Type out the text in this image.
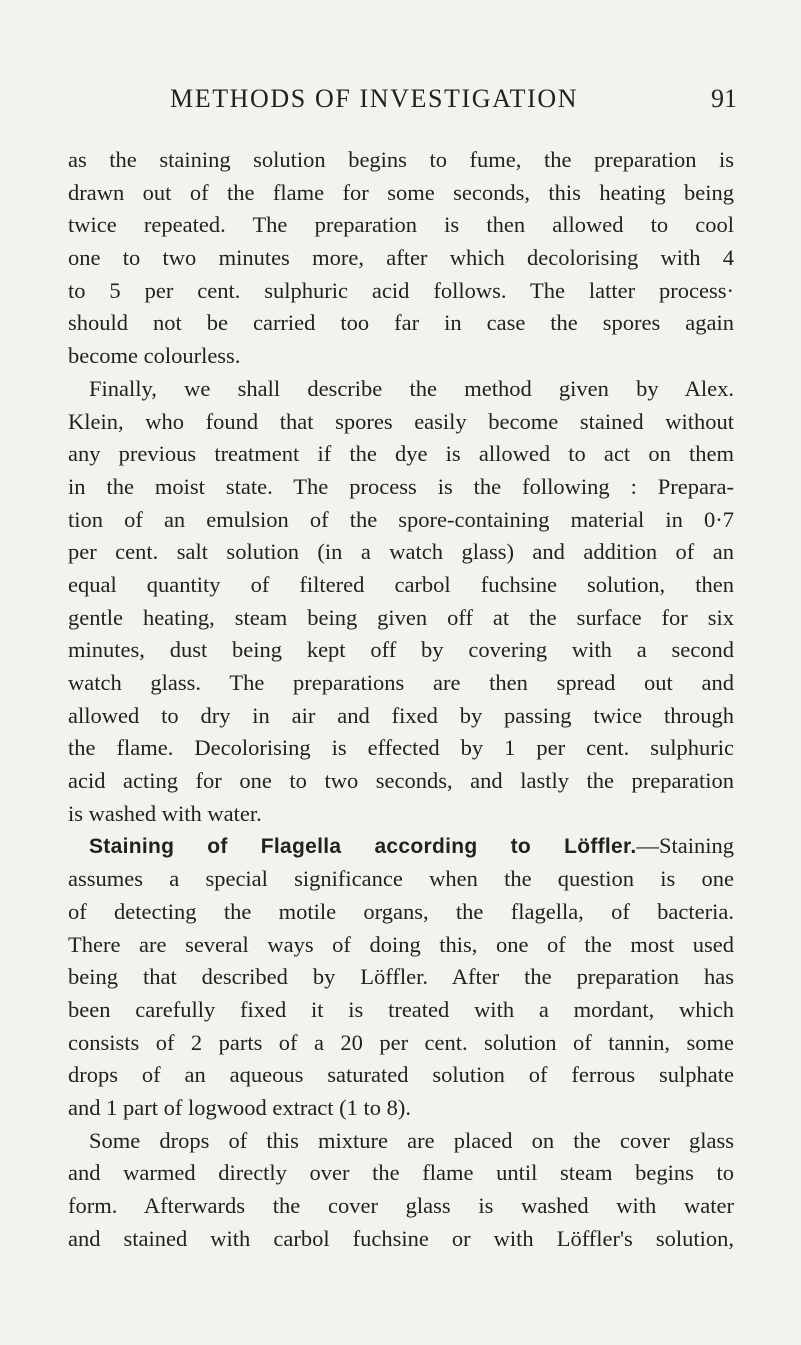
METHODS OF INVESTIGATION	91
as the staining solution begins to fume, the preparation is
drawn out of the flame for some seconds, this heating being
twice repeated. The preparation is then allowed to cool
one to two minutes more, after which decolorising with 4
to 5 per cent. sulphuric acid follows. The latter process·
should not be carried too far in case the spores again
become colourless.
Finally, we shall describe the method given by Alex.
Klein, who found that spores easily become stained without
any previous treatment if the dye is allowed to act on them
in the moist state. The process is the following : Prepara-
tion of an emulsion of the spore-containing material in 0·7
per cent. salt solution (in a watch glass) and addition of an
equal quantity of filtered carbol fuchsine solution, then
gentle heating, steam being given off at the surface for six
minutes, dust being kept off by covering with a second
watch glass. The preparations are then spread out and
allowed to dry in air and fixed by passing twice through
the flame. Decolorising is effected by 1 per cent. sulphuric
acid acting for one to two seconds, and lastly the preparation
is washed with water.
Staining of Flagella according to Löffler.—Staining
assumes a special significance when the question is one
of detecting the motile organs, the flagella, of bacteria.
There are several ways of doing this, one of the most used
being that described by Löffler. After the preparation has
been carefully fixed it is treated with a mordant, which
consists of 2 parts of a 20 per cent. solution of tannin, some
drops of an aqueous saturated solution of ferrous sulphate
and 1 part of logwood extract (1 to 8).
Some drops of this mixture are placed on the cover glass
and warmed directly over the flame until steam begins to
form. Afterwards the cover glass is washed with water
and stained with carbol fuchsine or with Löffler's solution,
